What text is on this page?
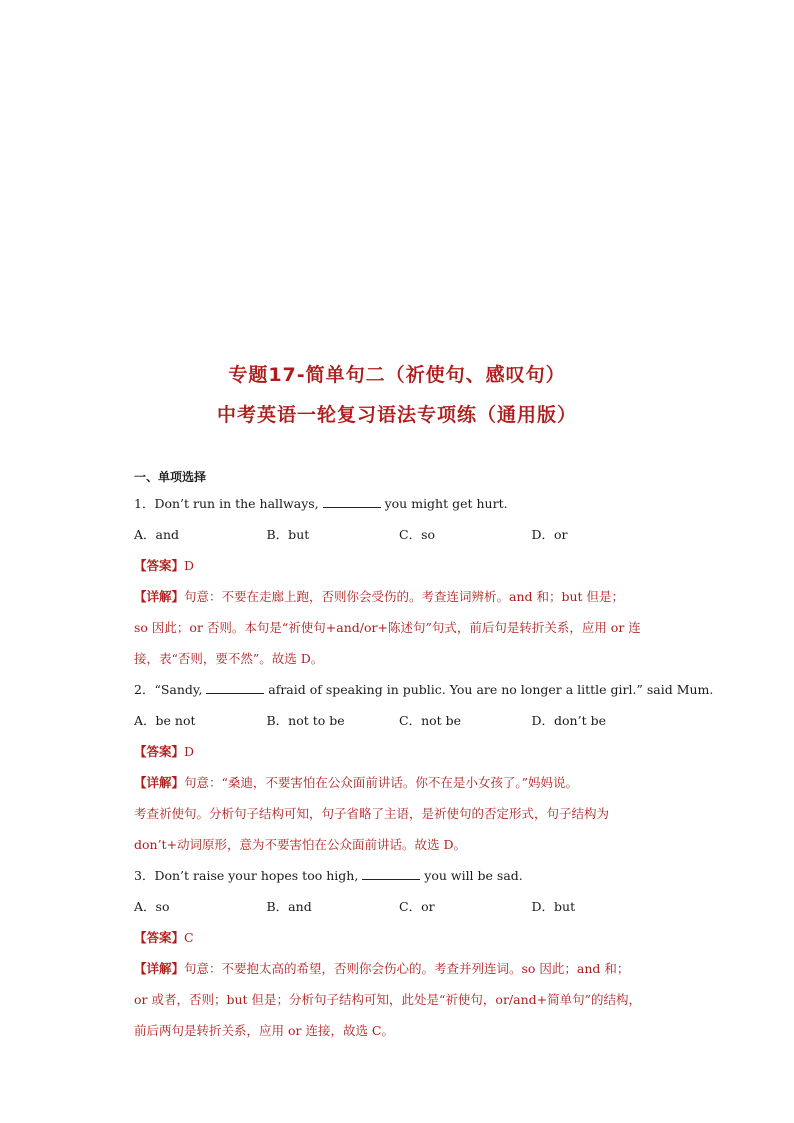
专题17-简单句二（祈使句、感叹句）
中考英语一轮复习语法专项练（通用版）
一、单项选择
1．Don’t run in the hallways,	you might get hurt.
A．and	B．but	C．so	D．or
【答案】D
【详解】句意：不要在走廊上跑，否则你会受伤的。考查连词辨析。and 和；but 但是；
so 因此；or 否则。本句是“祈使句+and/or+陈述句”句式，前后句是转折关系，应用 or 连
接，表“否则，要不然”。故选 D。
2．“Sandy,	afraid of speaking in public. You are no longer a little girl.” said Mum.
A．be not	B．not to be	C．not be	D．don’t be
【答案】D
【详解】句意：“桑迪，不要害怕在公众面前讲话。你不在是小女孩了。”妈妈说。
考查祈使句。分析句子结构可知，句子省略了主语，是祈使句的否定形式，句子结构为
don’t+动词原形，意为不要害怕在公众面前讲话。故选 D。
3．Don’t raise your hopes too high,	you will be sad.
A．so	B．and	C．or	D．but
【答案】C
【详解】句意：不要抱太高的希望，否则你会伤心的。考查并列连词。so 因此；and 和；
or 或者，否则；but 但是；分析句子结构可知，此处是“祈使句，or/and+简单句”的结构，
前后两句是转折关系，应用 or 连接，故选 C。
